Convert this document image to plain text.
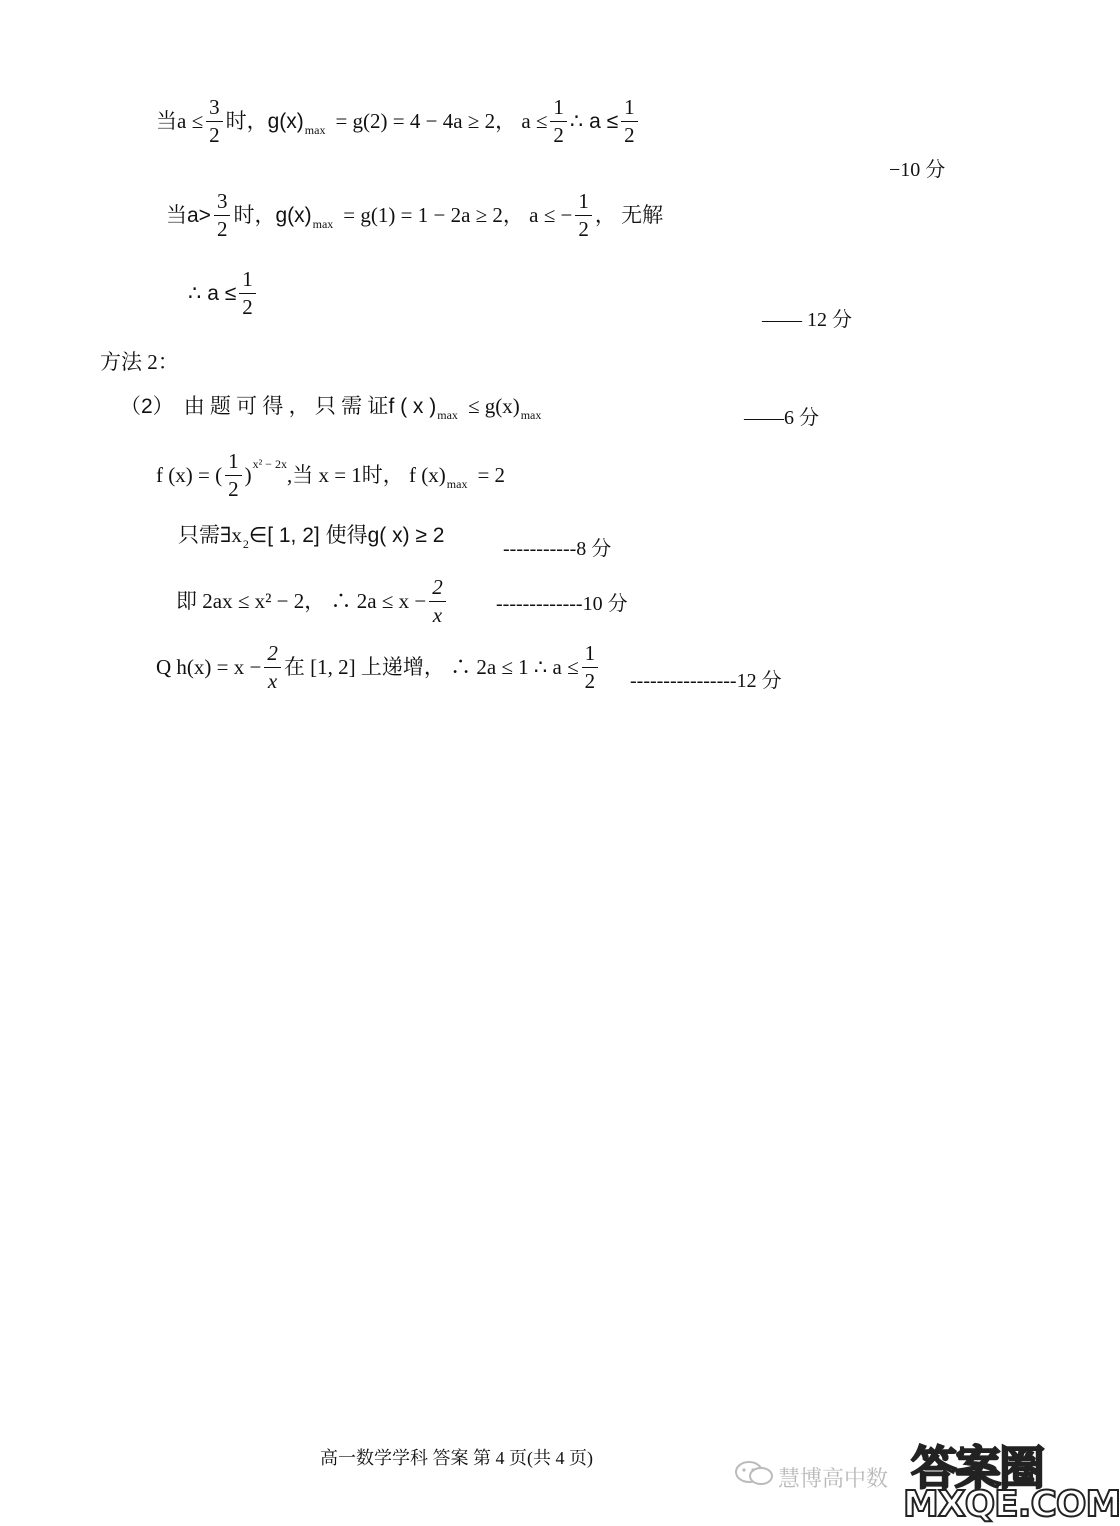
当$a \le \frac{3}{2}$ 时， g(x) max = g(2) = 4 − 4a ≥ 2， $a \le \frac{1}{2}$ ∴ $a \le \frac{1}{2}$
−10 分
当$a> \frac{3}{2}$ 时， g(x) max = g(1) = 1 − 2a ≥ 2， a ≤ − $\frac{1}{2}$ ， 无解
∴ $a \le \frac{1}{2}$
—— 12 分
方法 2：
（2） 由 题 可 得 ， 只 需 证 f ( x ) max ≤ g(x) max	——6 分
f (x) = ( $\frac{1}{2}$ ) x² − 2x ,当 x = 1时， f (x) max = 2
只需∃x 2 ∈[ 1, 2] 使得g( x) ≥ 2
-----------8 分
即 2ax ≤ x² − 2， ∴ $2a \le x - \frac{2}{x}$	-------------10 分
Q $h(x) = x - \frac{2}{x}$ 在 [1, 2] 上递增， ∴ 2a ≤ 1 ∴ $a \le \frac{1}{2} ----------------12$ 分
高一数学学科 答案 第 4 页(共 4 页)
慧博高中数 答案圈
MXQE.COM
